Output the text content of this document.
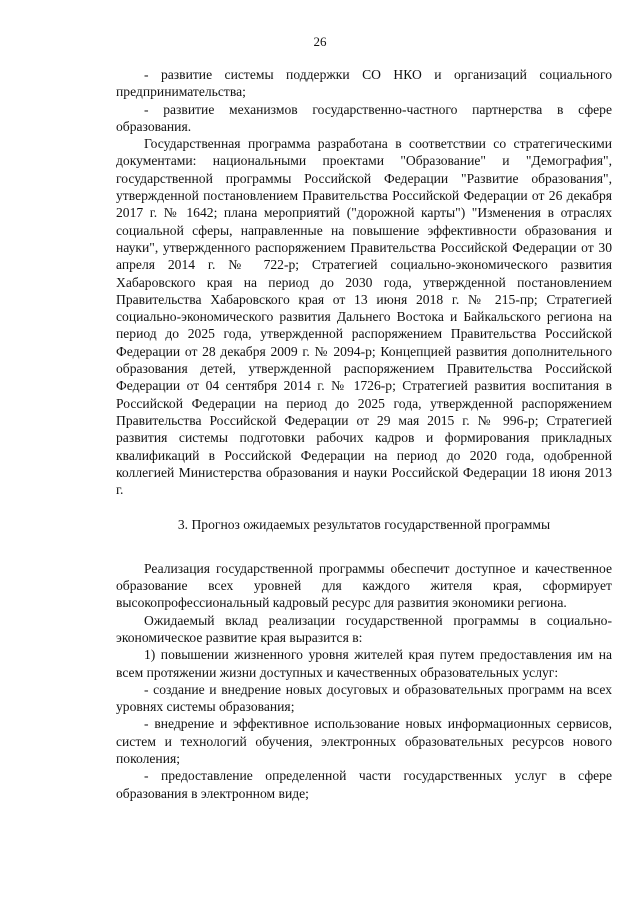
26

- развитие системы поддержки СО НКО и организаций социального предпринимательства;

- развитие механизмов государственно-частного партнерства в сфере образования.

Государственная программа разработана в соответствии со стратегическими документами: национальными проектами "Образование" и "Демография", государственной программы Российской Федерации "Развитие образования", утвержденной постановлением Правительства Российской Федерации от 26 декабря 2017 г. № 1642; плана мероприятий ("дорожной карты") "Изменения в отраслях социальной сферы, направленные на повышение эффективности образования и науки", утвержденного распоряжением Правительства Российской Федерации от 30 апреля 2014 г. № 722-р; Стратегией социально-экономического развития Хабаровского края на период до 2030 года, утвержденной постановлением Правительства Хабаровского края от 13 июня 2018 г. № 215-пр; Стратегией социально-экономического развития Дальнего Востока и Байкальского региона на период до 2025 года, утвержденной распоряжением Правительства Российской Федерации от 28 декабря 2009 г. № 2094-р; Концепцией развития дополнительного образования детей, утвержденной распоряжением Правительства Российской Федерации от 04 сентября 2014 г. № 1726-р; Стратегией развития воспитания в Российской Федерации на период до 2025 года, утвержденной распоряжением Правительства Российской Федерации от 29 мая 2015 г. № 996-р; Стратегией развития системы подготовки рабочих кадров и формирования прикладных квалификаций в Российской Федерации на период до 2020 года, одобренной коллегией Министерства образования и науки Российской Федерации 18 июня 2013 г.

3. Прогноз ожидаемых результатов государственной программы

Реализация государственной программы обеспечит доступное и качественное образование всех уровней для каждого жителя края, сформирует высокопрофессиональный кадровый ресурс для развития экономики региона.

Ожидаемый вклад реализации государственной программы в социально-экономическое развитие края выразится в:

1) повышении жизненного уровня жителей края путем предоставления им на всем протяжении жизни доступных и качественных образовательных услуг:

- создание и внедрение новых досуговых и образовательных программ на всех уровнях системы образования;

- внедрение и эффективное использование новых информационных сервисов, систем и технологий обучения, электронных образовательных ресурсов нового поколения;

- предоставление определенной части государственных услуг в сфере образования в электронном виде;
